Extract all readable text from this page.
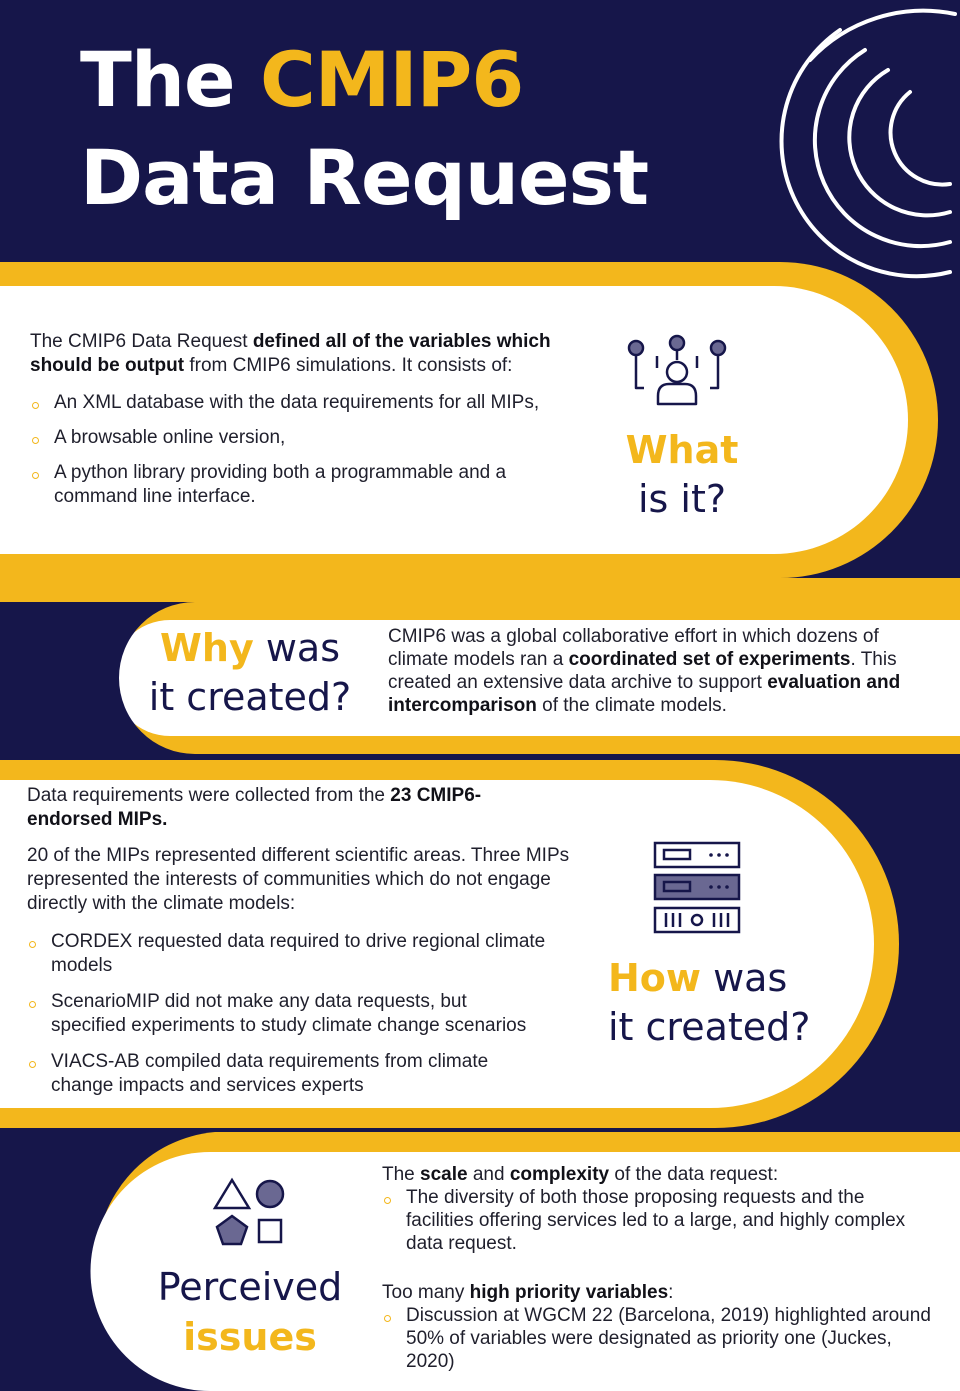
The CMIP6
Data Request
The CMIP6 Data Request defined all of the variables which should be output from CMIP6 simulations. It consists of:
An XML database with the data requirements for all MIPs,
A browsable online version,
A python library providing both a programmable and a command line interface.
What
is it?
Why was
it created?
CMIP6 was a global collaborative effort in which dozens of climate models ran a coordinated set of experiments. This created an extensive data archive to support evaluation and intercomparison of the climate models.
Data requirements were collected from the 23 CMIP6-endorsed MIPs.
20 of the MIPs represented different scientific areas. Three MIPs represented the interests of communities which do not engage directly with the climate models:
CORDEX requested data required to drive regional climate models
ScenarioMIP did not make any data requests, but specified experiments to study climate change scenarios
VIACS-AB compiled data requirements from climate change impacts and services experts
How was
it created?
Perceived
issues
The scale and complexity of the data request:
The diversity of both those proposing requests and the facilities offering services led to a large, and highly complex data request.
Too many high priority variables:
Discussion at WGCM 22 (Barcelona, 2019) highlighted around 50% of variables were designated as priority one (Juckes, 2020)
